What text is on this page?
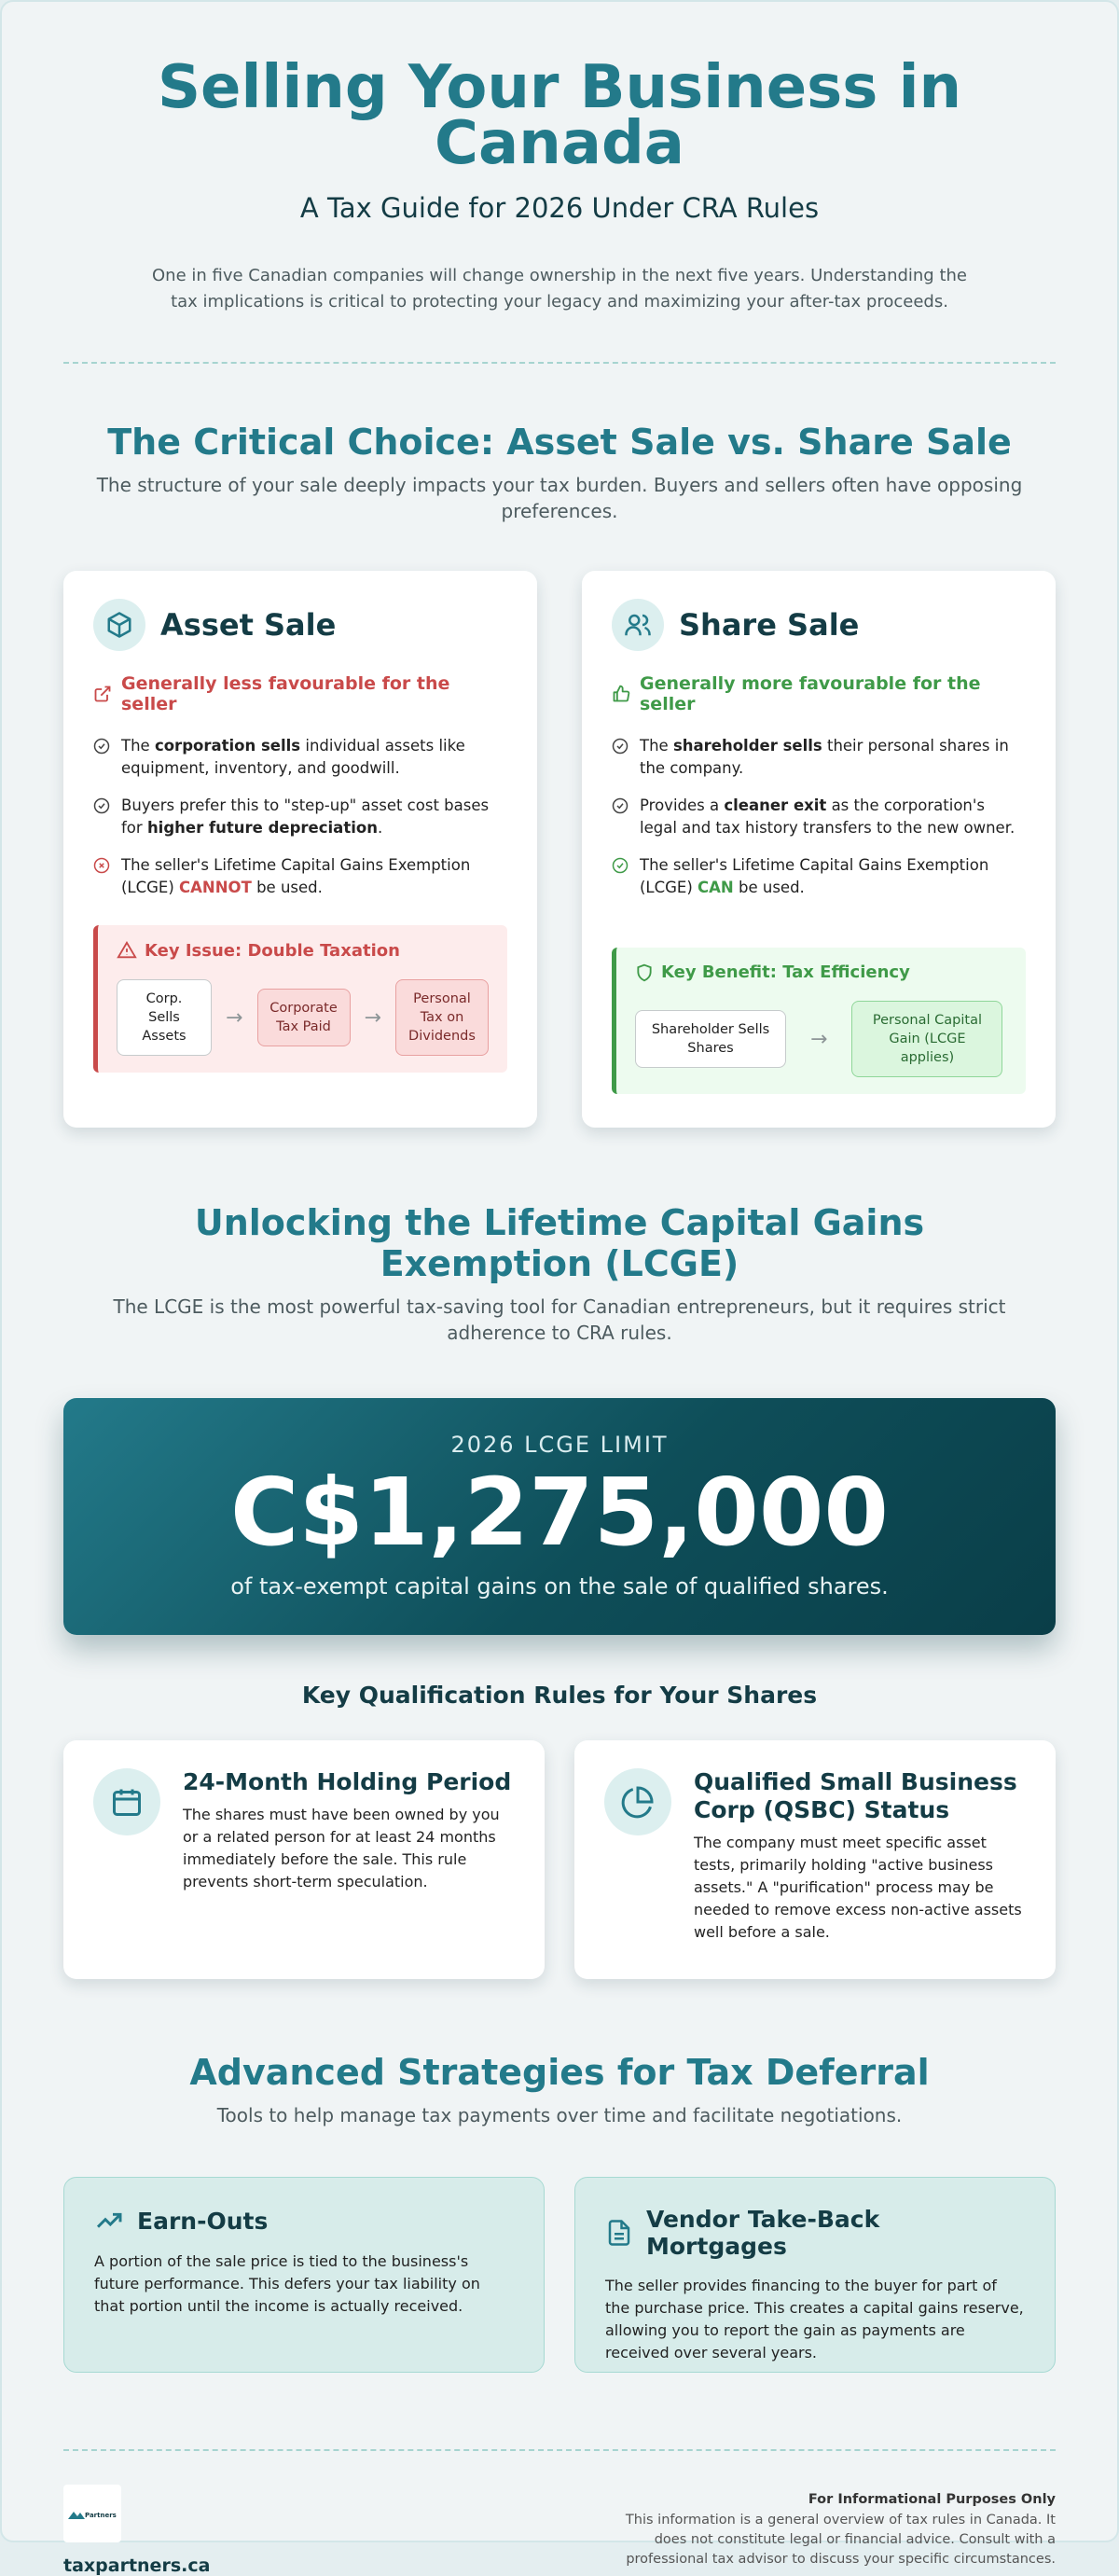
Selling Your Business in Canada
A Tax Guide for 2026 Under CRA Rules

One in five Canadian companies will change ownership in the next five years. Understanding the tax implications is critical to protecting your legacy and maximizing your after-tax proceeds.

The Critical Choice: Asset Sale vs. Share Sale
The structure of your sale deeply impacts your tax burden. Buyers and sellers often have opposing preferences.
Asset Sale
Generally less favourable for the seller
The corporation sells individual assets like equipment, inventory, and goodwill.
Buyers prefer this to "step-up" asset cost bases for higher future depreciation.
The seller's Lifetime Capital Gains Exemption (LCGE) CANNOT be used.
Key Issue: Double Taxation
Corp. Sells Assets
→	Corporate Tax Paid	→
Personal Tax on Dividends
Share Sale
Generally more favourable for the seller
The shareholder sells their personal shares in the company.
Provides a cleaner exit as the corporation's legal and tax history transfers to the new owner.
The seller's Lifetime Capital Gains Exemption (LCGE) CAN be used.
Key Benefit: Tax Efficiency
Shareholder Sells Shares	→
Personal Capital Gain (LCGE applies)
Unlocking the Lifetime Capital Gains Exemption (LCGE)
The LCGE is the most powerful tax-saving tool for Canadian entrepreneurs, but it requires strict adherence to CRA rules.
2026 LCGE LIMIT
C$1,275,000
of tax-exempt capital gains on the sale of qualified shares.
Key Qualification Rules for Your Shares
24-Month Holding Period

The shares must have been owned by you or a related person for at least 24 months immediately before the sale. This rule prevents short-term speculation.

Qualified Small Business Corp (QSBC) Status

The company must meet specific asset tests, primarily holding "active business assets." A "purification" process may be needed to remove excess non-active assets well before a sale.

Advanced Strategies for Tax Deferral
Tools to help manage tax payments over time and facilitate negotiations.
Earn-Outs

A portion of the sale price is tied to the business's future performance. This defers your tax liability on that portion until the income is actually received.

Vendor Take-Back Mortgages

The seller provides financing to the buyer for part of the purchase price. This creates a capital gains reserve, allowing you to report the gain as payments are received over several years.

Partners
taxpartners.ca
For Informational Purposes Only
This information is a general overview of tax rules in Canada. It does not constitute legal or financial advice. Consult with a professional tax advisor to discuss your specific circumstances.
